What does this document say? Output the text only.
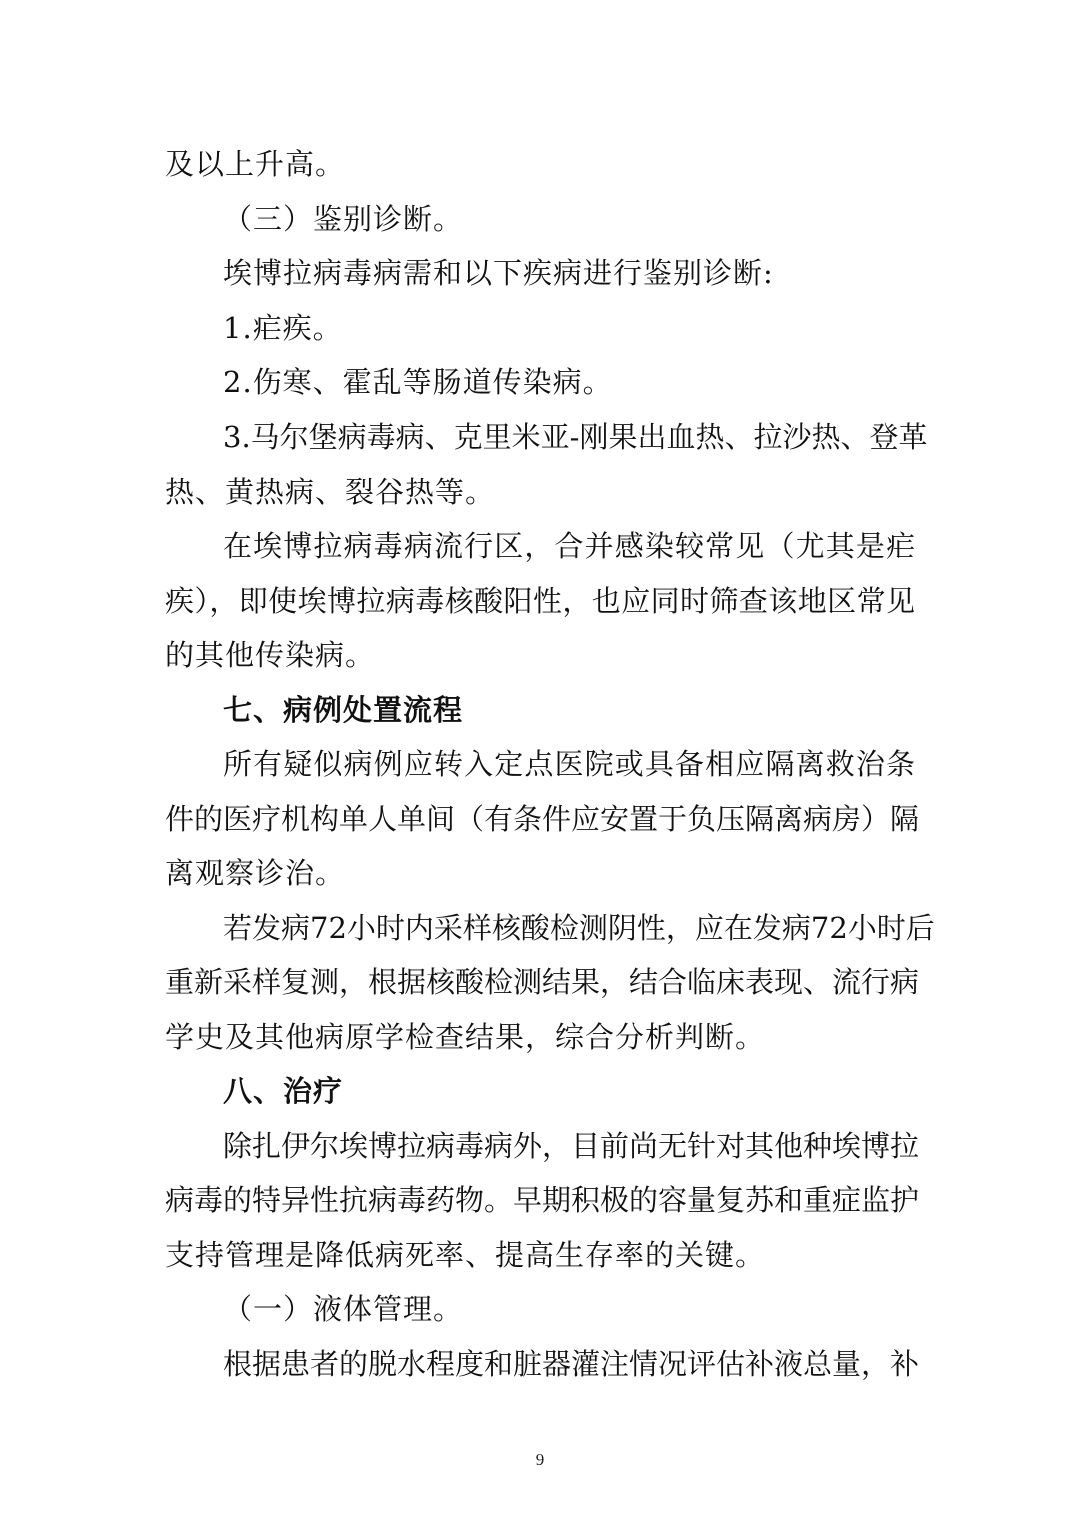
及以上升高。
（三）鉴别诊断。
埃博拉病毒病需和以下疾病进行鉴别诊断:
1.疟疾。
2.伤寒、霍乱等肠道传染病。
3.马尔堡病毒病、克里米亚-刚果出血热、拉沙热、登革
热、黄热病、裂谷热等。
在埃博拉病毒病流行区，合并感染较常见（尤其是疟
疾），即使埃博拉病毒核酸阳性，也应同时筛查该地区常见
的其他传染病。
七、病例处置流程
所有疑似病例应转入定点医院或具备相应隔离救治条
件的医疗机构单人单间（有条件应安置于负压隔离病房）隔
离观察诊治。
若发病72小时内采样核酸检测阴性，应在发病72小时后
重新采样复测，根据核酸检测结果，结合临床表现、流行病
学史及其他病原学检查结果，综合分析判断。
八、治疗
除扎伊尔埃博拉病毒病外，目前尚无针对其他种埃博拉
病毒的特异性抗病毒药物。早期积极的容量复苏和重症监护
支持管理是降低病死率、提高生存率的关键。
（一）液体管理。
根据患者的脱水程度和脏器灌注情况评估补液总量，补
9
